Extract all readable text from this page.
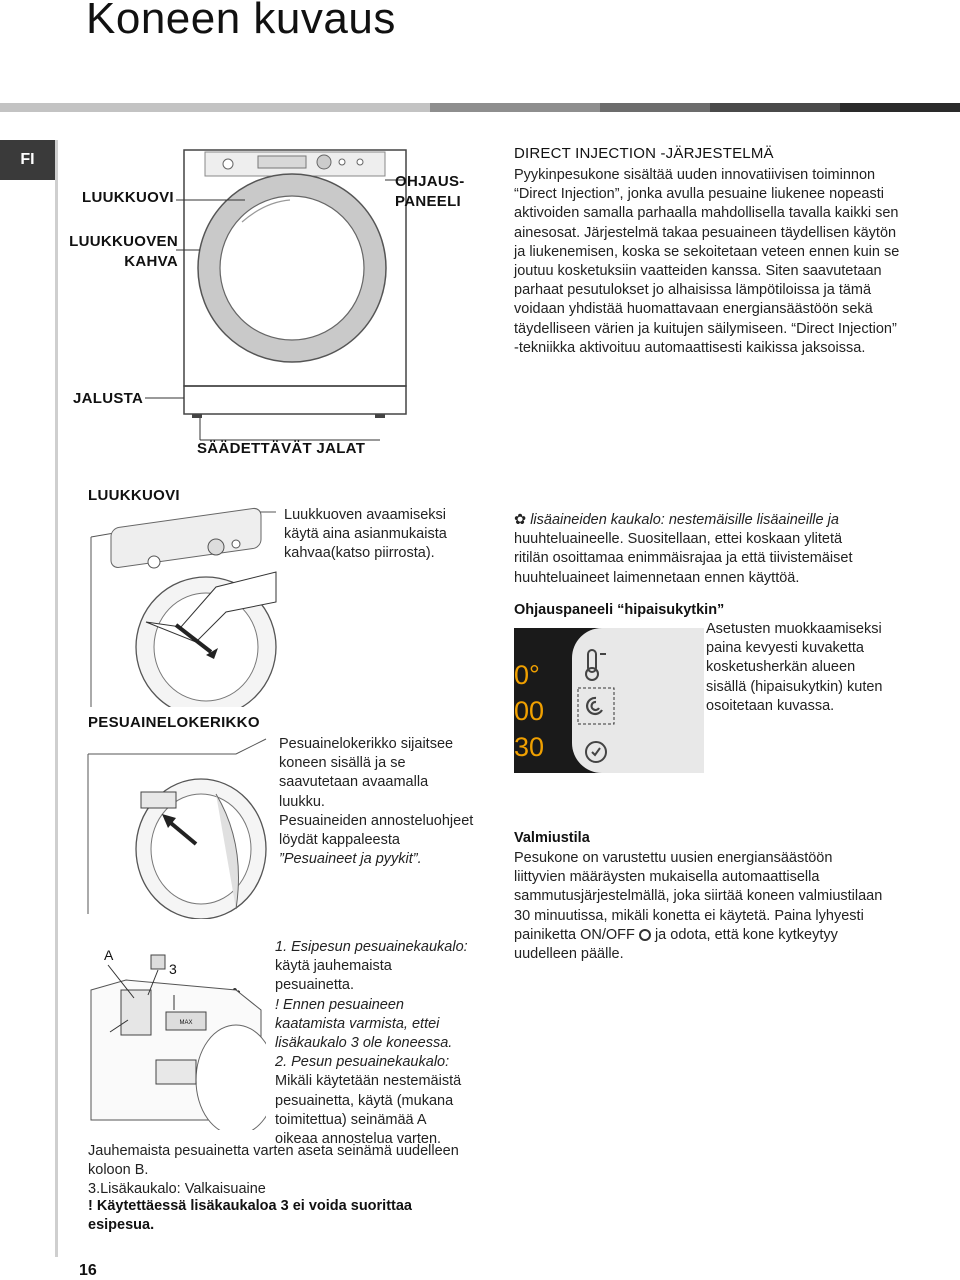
Koneen kuvaus
FI
LUUKKUOVI
LUUKKUOVEN
KAHVA
OHJAUS-
PANEELI
JALUSTA
SÄÄDETTÄVÄT JALAT
DIRECT INJECTION -JÄRJESTELMÄ
Pyykinpesukone sisältää uuden innovatiivisen toiminnon
“Direct Injection”, jonka avulla pesuaine liukenee nopeasti
aktivoiden samalla parhaalla mahdollisella tavalla kaikki sen
ainesosat. Järjestelmä takaa pesuaineen täydellisen käytön
ja liukenemisen, koska se sekoitetaan veteen ennen kuin se
joutuu kosketuksiin vaatteiden kanssa. Siten saavutetaan
parhaat pesutulokset jo alhaisissa lämpötiloissa ja tämä
voidaan yhdistää huomattavaan energiansäästöön sekä
täydelliseen värien ja kuitujen säilymiseen. “Direct Injection”
-tekniikka aktivoituu automaattisesti kaikissa jaksoissa.
LUUKKUOVI
Luukkuoven avaamiseksi
käytä aina asianmukaista
kahvaa(katso piirrosta).
PESUAINELOKERIKKO
Pesuainelokerikko sijaitsee
koneen sisällä ja se
saavutetaan avaamalla
luukku.
Pesuaineiden annosteluohjeet
löydät kappaleesta
”Pesuaineet ja pyykit”.
A
3
MAX
1. Esipesun pesuainekaukalo:
käytä jauhemaista
pesuainetta.
! Ennen pesuaineen
kaatamista varmista, ettei
lisäkaukalo 3 ole koneessa.
2. Pesun pesuainekaukalo:
Mikäli käytetään nestemäistä
pesuainetta, käytä (mukana
toimitettua) seinämää A
oikeaa annostelua varten.
Jauhemaista pesuainetta varten aseta seinämä uudelleen
koloon B.
3.Lisäkaukalo: Valkaisuaine
! Käytettäessä lisäkaukaloa 3 ei voida suorittaa
esipesua.
✿ lisäaineiden kaukalo: nestemäisille lisäaineille ja
huuhteluaineelle. Suositellaan, ettei koskaan ylitetä
ritilän osoittamaa enimmäisrajaa ja että tiivistemäiset
huuhteluaineet laimennetaan ennen käyttöä.
Ohjauspaneeli “hipaisukytkin”
0°
00
30
Asetusten muokkaamiseksi
paina kevyesti kuvaketta
kosketusherkän alueen
sisällä (hipaisukytkin) kuten
osoitetaan kuvassa.
Valmiustila
Pesukone on varustettu uusien energiansäästöön
liittyvien määräysten mukaisella automaattisella
sammutusjärjestelmällä, joka siirtää koneen valmiustilaan
30 minuutissa, mikäli konetta ei käytetä. Paina lyhyesti
painiketta ON/OFF ja odota, että kone kytkeytyy
uudelleen päälle.
16
